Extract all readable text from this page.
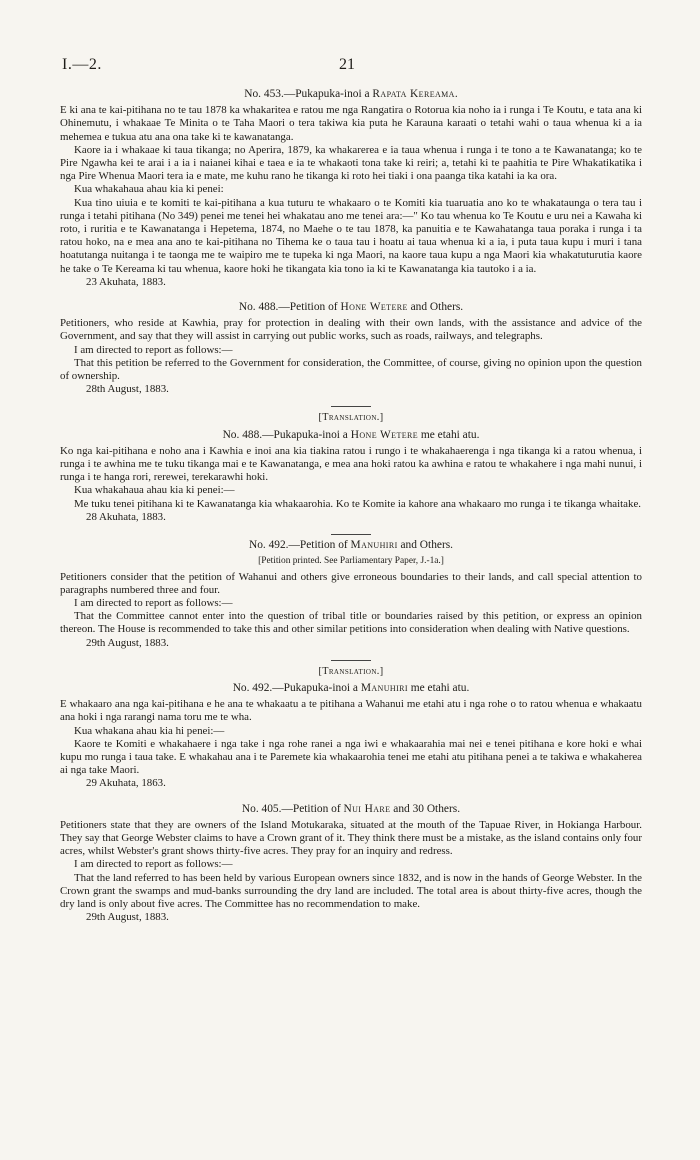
I.—2.	21

No. 453.—Pukapuka-inoi a Rapata Kereama.

E ki ana te kai-pitihana no te tau 1878 ka whakaritea e ratou me nga Rangatira o Rotorua kia noho ia i runga i Te Koutu, e tata ana ki Ohinemutu, i whakaae Te Minita o te Taha Maori o tera takiwa kia puta he Karauna karaati o tetahi wahi o taua whenua ki a ia mehemea e tukua atu ana ona take ki te kawanatanga.

Kaore ia i whakaae ki taua tikanga; no Aperira, 1879, ka whakarerea e ia taua whenua i runga i te tono a te Kawanatanga; ko te Pire Ngawha kei te arai i a ia i naianei kihai e taea e ia te whakaoti tona take ki reiri; a, tetahi ki te paahitia te Pire Whakatikatika i nga Pire Whenua Maori tera ia e mate, me kuhu rano he tikanga ki roto hei tiaki i ona paanga tika katahi ia ka ora.

Kua whakahaua ahau kia ki penei:

Kua tino uiuia e te komiti te kai-pitihana a kua tuturu te whakaaro o te Komiti kia tuaruatia ano ko te whakataunga o tera tau i runga i tetahi pitihana (No 349) penei me tenei hei whakatau ano me tenei ara:—" Ko tau whenua ko Te Koutu e uru nei a Kawaha ki roto, i ruritia e te Kawanatanga i Hepetema, 1874, no Maehe o te tau 1878, ka panuitia e te Kawahatanga taua poraka i runga i ta ratou hoko, na e mea ana ano te kai-pitihana no Tihema ke o taua tau i hoatu ai taua whenua ki a ia, i puta taua kupu i muri i tana hoatutanga nuitanga i te taonga me te waipiro me te tupeka ki nga Maori, na kaore taua kupu a nga Maori kia whakatuturutia kaore he take o Te Kereama ki tau whenua, kaore hoki he tikangata kia tono ia ki te Kawanatanga kia tautoko i a ia.

23 Akuhata, 1883.

No. 488.—Petition of Hone Wetere and Others.

Petitioners, who reside at Kawhia, pray for protection in dealing with their own lands, with the assistance and advice of the Government, and say that they will assist in carrying out public works, such as roads, railways, and telegraphs.

I am directed to report as follows:—

That this petition be referred to the Government for consideration, the Committee, of course, giving no opinion upon the question of ownership.

28th August, 1883.

[Translation.]

No. 488.—Pukapuka-inoi a Hone Wetere me etahi atu.

Ko nga kai-pitihana e noho ana i Kawhia e inoi ana kia tiakina ratou i rungo i te whakahaerenga i nga tikanga ki a ratou whenua, i runga i te awhina me te tuku tikanga mai e te Kawanatanga, e mea ana hoki ratou ka awhina e ratou te whakahere i nga mahi nunui, i runga i te hanga rori, rerewei, terekarawhi hoki.

Kua whakahaua ahau kia ki penei:—

Me tuku tenei pitihana ki te Kawanatanga kia whakaarohia. Ko te Komite ia kahore ana whakaaro mo runga i te tikanga whaitake.

28 Akuhata, 1883.

No. 492.—Petition of Manuhiri and Others.

[Petition printed. See Parliamentary Paper, J.-1a.]

Petitioners consider that the petition of Wahanui and others give erroneous boundaries to their lands, and call special attention to paragraphs numbered three and four.

I am directed to report as follows:—

That the Committee cannot enter into the question of tribal title or boundaries raised by this petition, or express an opinion thereon. The House is recommended to take this and other similar petitions into consideration when dealing with Native questions.

29th August, 1883.

[Translation.]

No. 492.—Pukapuka-inoi a Manuhiri me etahi atu.

E whakaaro ana nga kai-pitihana e he ana te whakaatu a te pitihana a Wahanui me etahi atu i nga rohe o to ratou whenua e whakaatu ana hoki i nga rarangi nama toru me te wha.

Kua whakana ahau kia hi penei:—

Kaore te Komiti e whakahaere i nga take i nga rohe ranei a nga iwi e whakaarahia mai nei e tenei pitihana e kore hoki e whai kupu mo runga i taua take. E whakahau ana i te Paremete kia whakaarohia tenei me etahi atu pitihana penei a te takiwa e whakaherea ai nga take Maori.

29 Akuhata, 1863.

No. 405.—Petition of Nui Hare and 30 Others.

Petitioners state that they are owners of the Island Motukaraka, situated at the mouth of the Tapuae River, in Hokianga Harbour. They say that George Webster claims to have a Crown grant of it. They think there must be a mistake, as the island contains only four acres, whilst Webster's grant shows thirty-five acres. They pray for an inquiry and redress.

I am directed to report as follows:—

That the land referred to has been held by various European owners since 1832, and is now in the hands of George Webster. In the Crown grant the swamps and mud-banks surrounding the dry land are included. The total area is about thirty-five acres, though the dry land is only about five acres. The Committee has no recommendation to make.

29th August, 1883.
